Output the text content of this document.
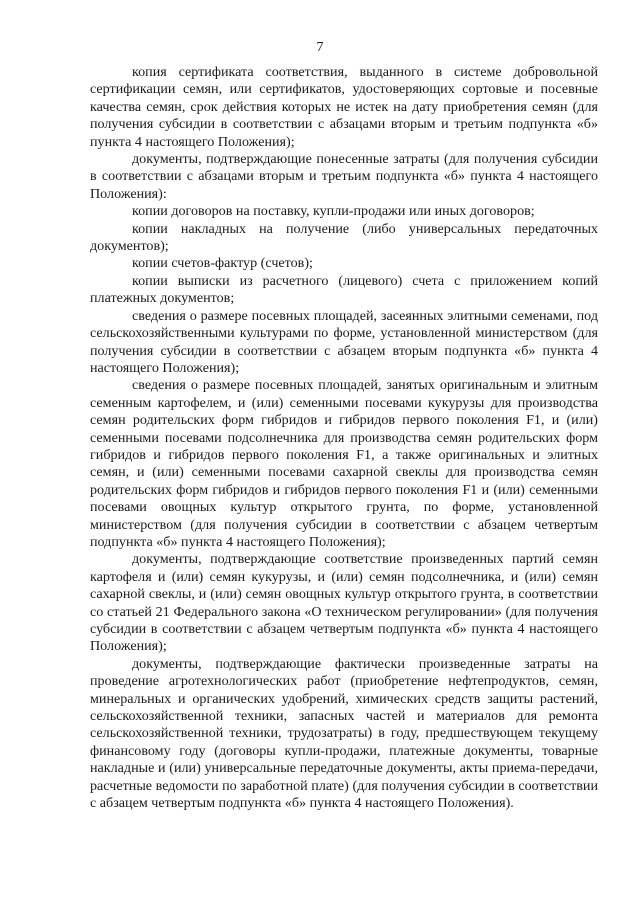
7

копия сертификата соответствия, выданного в системе добровольной сертификации семян, или сертификатов, удостоверяющих сортовые и посевные качества семян, срок действия которых не истек на дату приобретения семян (для получения субсидии в соответствии с абзацами вторым и третьим подпункта «б» пункта 4 настоящего Положения);

документы, подтверждающие понесенные затраты (для получения субсидии в соответствии с абзацами вторым и третьим подпункта «б» пункта 4 настоящего Положения):

копии договоров на поставку, купли-продажи или иных договоров;

копии накладных на получение (либо универсальных передаточных документов);

копии счетов-фактур (счетов);

копии выписки из расчетного (лицевого) счета с приложением копий платежных документов;

сведения о размере посевных площадей, засеянных элитными семенами, под сельскохозяйственными культурами по форме, установленной министерством (для получения субсидии в соответствии с абзацем вторым подпункта «б» пункта 4 настоящего Положения);

сведения о размере посевных площадей, занятых оригинальным и элитным семенным картофелем, и (или) семенными посевами кукурузы для производства семян родительских форм гибридов и гибридов первого поколения F1, и (или) семенными посевами подсолнечника для производства семян родительских форм гибридов и гибридов первого поколения F1, а также оригинальных и элитных семян, и (или) семенными посевами сахарной свеклы для производства семян родительских форм гибридов и гибридов первого поколения F1 и (или) семенными посевами овощных культур открытого грунта, по форме, установленной министерством (для получения субсидии в соответствии с абзацем четвертым подпункта «б» пункта 4 настоящего Положения);

документы, подтверждающие соответствие произведенных партий семян картофеля и (или) семян кукурузы, и (или) семян подсолнечника, и (или) семян сахарной свеклы, и (или) семян овощных культур открытого грунта, в соответствии со статьей 21 Федерального закона «О техническом регулировании» (для получения субсидии в соответствии с абзацем четвертым подпункта «б» пункта 4 настоящего Положения);

документы, подтверждающие фактически произведенные затраты на проведение агротехнологических работ (приобретение нефтепродуктов, семян, минеральных и органических удобрений, химических средств защиты растений, сельскохозяйственной техники, запасных частей и материалов для ремонта сельскохозяйственной техники, трудозатраты) в году, предшествующем текущему финансовому году (договоры купли-продажи, платежные документы, товарные накладные и (или) универсальные передаточные документы, акты приема-передачи, расчетные ведомости по заработной плате) (для получения субсидии в соответствии с абзацем четвертым подпункта «б» пункта 4 настоящего Положения).
